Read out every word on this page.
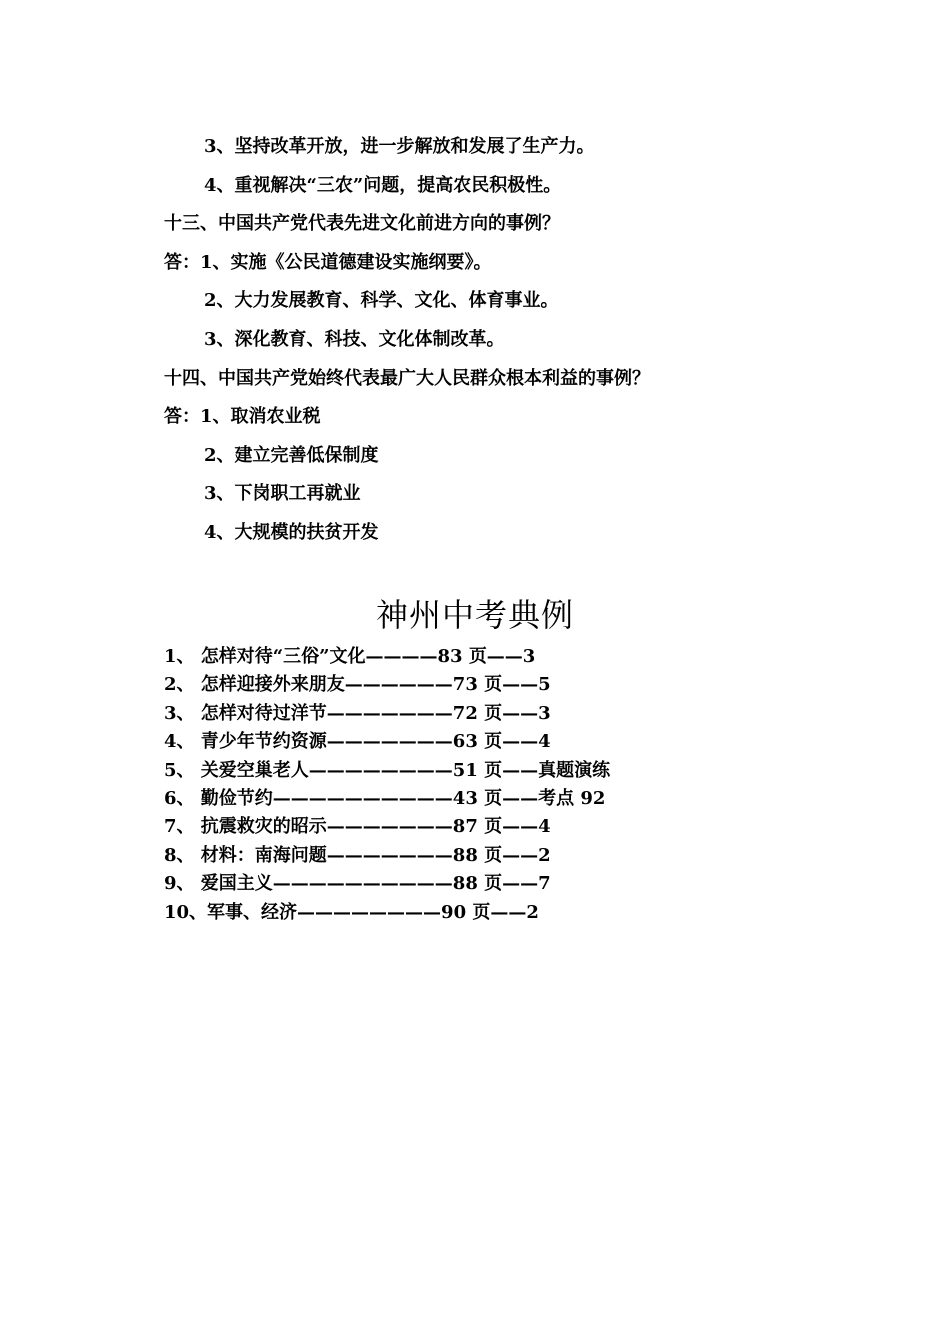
3、坚持改革开放，进一步解放和发展了生产力。
4、重视解决“三农”问题，提高农民积极性。
十三、中国共产党代表先进文化前进方向的事例？
答：1、实施《公民道德建设实施纲要》。
2、大力发展教育、科学、文化、体育事业。
3、深化教育、科技、文化体制改革。
十四、中国共产党始终代表最广大人民群众根本利益的事例？
答：1、取消农业税
2、建立完善低保制度
3、下岗职工再就业
4、大规模的扶贫开发
神州中考典例
1、 怎样对待“三俗”文化————83 页——3
2、 怎样迎接外来朋友——————73 页——5
3、 怎样对待过洋节———————72 页——3
4、 青少年节约资源———————63 页——4
5、 关爱空巢老人————————51 页——真题演练
6、 勤俭节约——————————43 页——考点 92
7、 抗震救灾的昭示———————87 页——4
8、 材料：南海问题———————88 页——2
9、 爱国主义——————————88 页——7
10、军事、经济————————90 页——2
